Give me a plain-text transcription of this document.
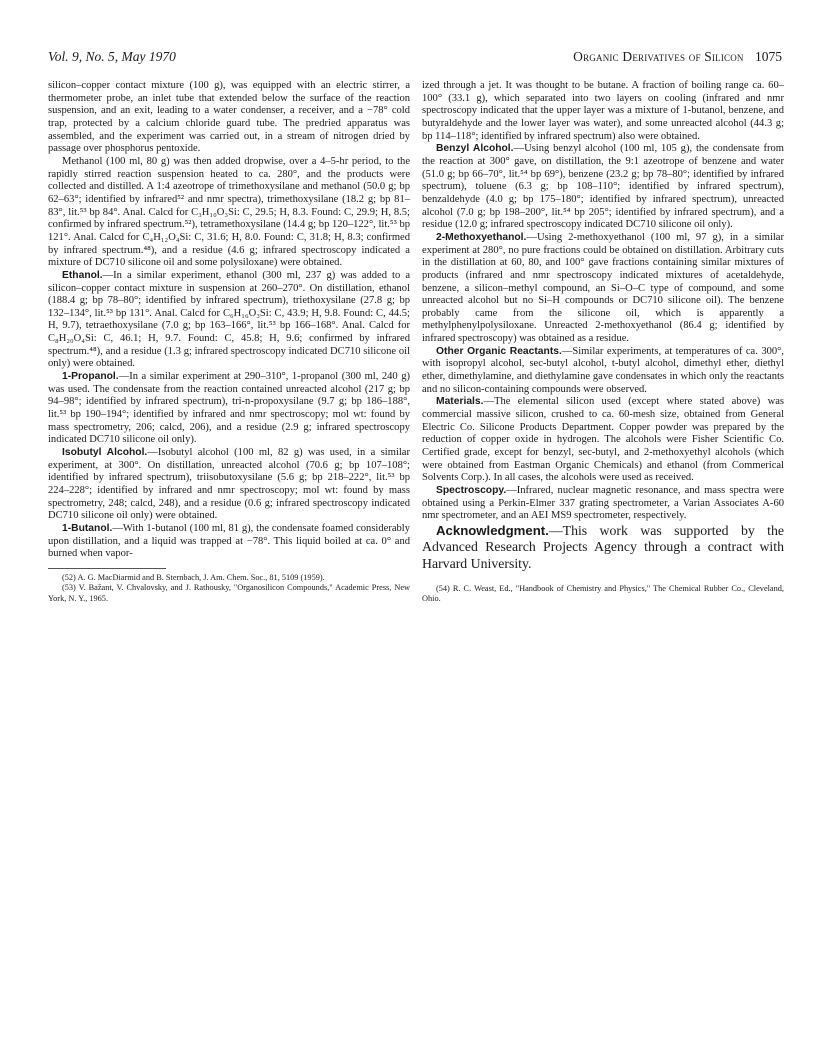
Vol. 9, No. 5, May 1970	Organic Derivatives of Silicon 1075

silicon–copper contact mixture (100 g), was equipped with an electric stirrer, a thermometer probe, an inlet tube that extended below the surface of the reaction suspension, and an exit, leading to a water condenser, a receiver, and a −78° cold trap, protected by a calcium chloride guard tube. The predried apparatus was assembled, and the experiment was carried out, in a stream of nitrogen dried by passage over phosphorus pentoxide.

Methanol (100 ml, 80 g) was then added dropwise, over a 4–5-hr period, to the rapidly stirred reaction suspension heated to ca. 280°, and the products were collected and distilled. A 1:4 azeotrope of trimethoxysilane and methanol (50.0 g; bp 62–63°; identified by infrared⁵² and nmr spectra), trimethoxysilane (18.2 g; bp 81–83°, lit.⁵³ bp 84°. Anal. Calcd for C₃H₁₀O₃Si: C, 29.5; H, 8.3. Found: C, 29.9; H, 8.5; confirmed by infrared spectrum.⁵²), tetramethoxysilane (14.4 g; bp 120–122°, lit.⁵³ bp 121°. Anal. Calcd for C₄H₁₂O₄Si: C, 31.6; H, 8.0. Found: C, 31.8; H, 8.3; confirmed by infrared spectrum.⁴⁸), and a residue (4.6 g; infrared spectroscopy indicated a mixture of DC710 silicone oil and some polysiloxane) were obtained.

Ethanol.—In a similar experiment, ethanol (300 ml, 237 g) was added to a silicon–copper contact mixture in suspension at 260–270°. On distillation, ethanol (188.4 g; bp 78–80°; identified by infrared spectrum), triethoxysilane (27.8 g; bp 132–134°, lit.⁵³ bp 131°. Anal. Calcd for C₆H₁₆O₃Si: C, 43.9; H, 9.8. Found: C, 44.5; H, 9.7), tetraethoxysilane (7.0 g; bp 163–166°, lit.⁵³ bp 166–168°. Anal. Calcd for C₈H₂₀O₄Si: C, 46.1; H, 9.7. Found: C, 45.8; H, 9.6; confirmed by infrared spectrum.⁴⁸), and a residue (1.3 g; infrared spectroscopy indicated DC710 silicone oil only) were obtained.

1-Propanol.—In a similar experiment at 290–310°, 1-propanol (300 ml, 240 g) was used. The condensate from the reaction contained unreacted alcohol (217 g; bp 94–98°; identified by infrared spectrum), tri-n-propoxysilane (9.7 g; bp 186–188°, lit.⁵³ bp 190–194°; identified by infrared and nmr spectroscopy; mol wt: found by mass spectrometry, 206; calcd, 206), and a residue (2.9 g; infrared spectroscopy indicated DC710 silicone oil only).

Isobutyl Alcohol.—Isobutyl alcohol (100 ml, 82 g) was used, in a similar experiment, at 300°. On distillation, unreacted alcohol (70.6 g; bp 107–108°; identified by infrared spectrum), triisobutoxysilane (5.6 g; bp 218–222°, lit.⁵³ bp 224–228°; identified by infrared and nmr spectroscopy; mol wt: found by mass spectrometry, 248; calcd, 248), and a residue (0.6 g; infrared spectroscopy indicated DC710 silicone oil only) were obtained.

1-Butanol.—With 1-butanol (100 ml, 81 g), the condensate foamed considerably upon distillation, and a liquid was trapped at −78°. This liquid boiled at ca. 0° and burned when vapor-

(52) A. G. MacDiarmid and B. Sternbach, J. Am. Chem. Soc., 81, 5109 (1959).

(53) V. Bažant, V. Chvalovsky, and J. Rathousky, "Organosilicon Compounds," Academic Press, New York, N. Y., 1965.

ized through a jet. It was thought to be butane. A fraction of boiling range ca. 60–100° (33.1 g), which separated into two layers on cooling (infrared and nmr spectroscopy indicated that the upper layer was a mixture of 1-butanol, benzene, and butyraldehyde and the lower layer was water), and some unreacted alcohol (44.3 g; bp 114–118°; identified by infrared spectrum) also were obtained.

Benzyl Alcohol.—Using benzyl alcohol (100 ml, 105 g), the condensate from the reaction at 300° gave, on distillation, the 9:1 azeotrope of benzene and water (51.0 g; bp 66–70°, lit.⁵⁴ bp 69°), benzene (23.2 g; bp 78–80°; identified by infrared spectrum), toluene (6.3 g; bp 108–110°; identified by infrared spectrum), benzaldehyde (4.0 g; bp 175–180°; identified by infrared spectrum), unreacted alcohol (7.0 g; bp 198–200°, lit.⁵⁴ bp 205°; identified by infrared spectrum), and a residue (12.0 g; infrared spectroscopy indicated DC710 silicone oil only).

2-Methoxyethanol.—Using 2-methoxyethanol (100 ml, 97 g), in a similar experiment at 280°, no pure fractions could be obtained on distillation. Arbitrary cuts in the distillation at 60, 80, and 100° gave fractions containing similar mixtures of products (infrared and nmr spectroscopy indicated mixtures of acetaldehyde, benzene, a silicon–methyl compound, an Si–O–C type of compound, and some unreacted alcohol but no Si–H compounds or DC710 silicone oil). The benzene probably came from the silicone oil, which is apparently a methylphenylpolysiloxane. Unreacted 2-methoxyethanol (86.4 g; identified by infrared spectroscopy) was obtained as a residue.

Other Organic Reactants.—Similar experiments, at temperatures of ca. 300°, with isopropyl alcohol, sec-butyl alcohol, t-butyl alcohol, dimethyl ether, diethyl ether, dimethylamine, and diethylamine gave condensates in which only the reactants and no silicon-containing compounds were observed.

Materials.—The elemental silicon used (except where stated above) was commercial massive silicon, crushed to ca. 60-mesh size, obtained from General Electric Co. Silicone Products Department. Copper powder was prepared by the reduction of copper oxide in hydrogen. The alcohols were Fisher Scientific Co. Certified grade, except for benzyl, sec-butyl, and 2-methoxyethyl alcohols (which were obtained from Eastman Organic Chemicals) and ethanol (from Commerical Solvents Corp.). In all cases, the alcohols were used as received.

Spectroscopy.—Infrared, nuclear magnetic resonance, and mass spectra were obtained using a Perkin-Elmer 337 grating spectrometer, a Varian Associates A-60 nmr spectrometer, and an AEI MS9 spectrometer, respectively.

Acknowledgment.—This work was supported by the Advanced Research Projects Agency through a contract with Harvard University.

(54) R. C. Weast, Ed., "Handbook of Chemistry and Physics," The Chemical Rubber Co., Cleveland, Ohio.
